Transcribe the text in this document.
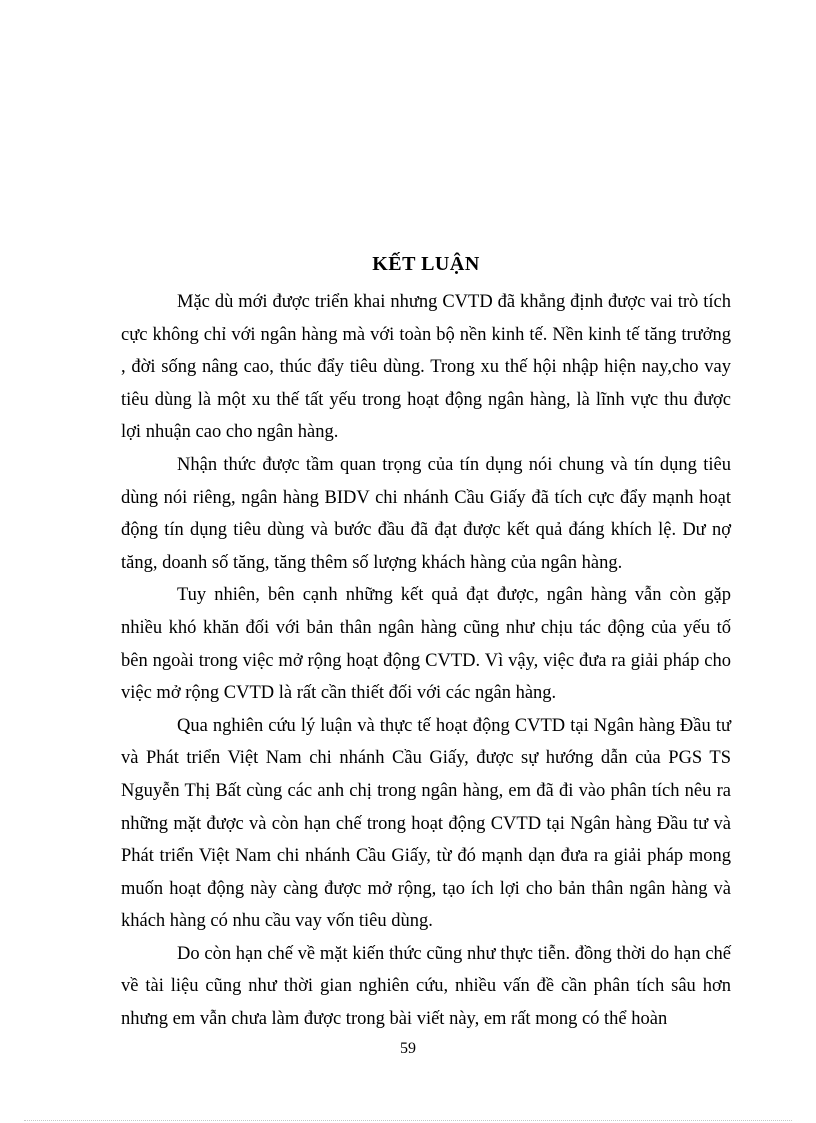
KẾT LUẬN

Mặc dù mới được triển khai nhưng CVTD đã khẳng định được vai trò tích cực không chỉ với ngân hàng mà với toàn bộ nền kinh tế. Nền kinh tế tăng trưởng , đời sống nâng cao, thúc đẩy tiêu dùng. Trong xu thế hội nhập hiện nay,cho vay tiêu dùng là một xu thế tất yếu trong hoạt động ngân hàng, là lĩnh vực thu được lợi nhuận cao cho ngân hàng.

Nhận thức được tầm quan trọng của tín dụng nói chung và tín dụng tiêu dùng nói riêng, ngân hàng BIDV chi nhánh Cầu Giấy đã tích cực đẩy mạnh hoạt động tín dụng tiêu dùng và bước đầu đã đạt được kết quả đáng khích lệ. Dư nợ tăng, doanh số tăng, tăng thêm số lượng khách hàng của ngân hàng.

Tuy nhiên, bên cạnh những kết quả đạt được, ngân hàng vẫn còn gặp nhiều khó khăn đối với bản thân ngân hàng cũng như chịu tác động của yếu tố bên ngoài trong việc mở rộng hoạt động CVTD. Vì vậy, việc đưa ra giải pháp cho việc mở rộng CVTD là rất cần thiết đối với các ngân hàng.

Qua nghiên cứu lý luận và thực tế hoạt động CVTD tại Ngân hàng Đầu tư và Phát triển Việt Nam chi nhánh Cầu Giấy, được sự hướng dẫn của PGS TS Nguyễn Thị Bất cùng các anh chị trong ngân hàng, em đã đi vào phân tích nêu ra những mặt được và còn hạn chế trong hoạt động CVTD tại Ngân hàng Đầu tư và Phát triển Việt Nam chi nhánh Cầu Giấy, từ đó mạnh dạn đưa ra giải pháp mong muốn hoạt động này càng được mở rộng, tạo ích lợi cho bản thân ngân hàng và khách hàng có nhu cầu vay vốn tiêu dùng.

Do còn hạn chế về mặt kiến thức cũng như thực tiễn. đồng thời do hạn chế về tài liệu cũng như thời gian nghiên cứu, nhiều vấn đề cần phân tích sâu hơn nhưng em vẫn chưa làm được trong bài viết này, em rất mong có thể hoàn

59
